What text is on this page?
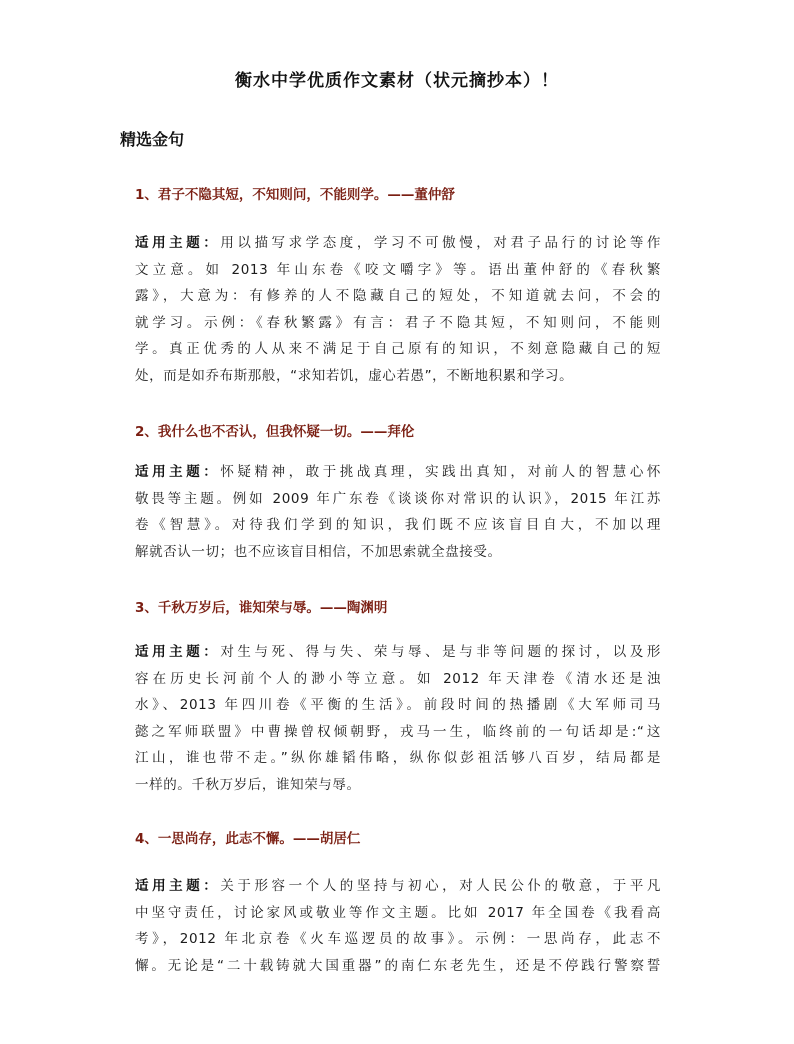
衡水中学优质作文素材（状元摘抄本）！
精选金句
1、君子不隐其短，不知则问，不能则学。——董仲舒
适用主题：用以描写求学态度，学习不可傲慢，对君子品行的讨论等作
文立意。如 2013 年山东卷《咬文嚼字》等。语出董仲舒的《春秋繁
露》，大意为：有修养的人不隐藏自己的短处，不知道就去问，不会的
就学习。示例：《春秋繁露》有言：君子不隐其短，不知则问，不能则
学。真正优秀的人从来不满足于自己原有的知识，不刻意隐藏自己的短
处，而是如乔布斯那般，“求知若饥，虚心若愚”，不断地积累和学习。
2、我什么也不否认，但我怀疑一切。——拜伦
适用主题：怀疑精神，敢于挑战真理，实践出真知，对前人的智慧心怀
敬畏等主题。例如 2009 年广东卷《谈谈你对常识的认识》，2015 年江苏
卷《智慧》。对待我们学到的知识，我们既不应该盲目自大，不加以理
解就否认一切；也不应该盲目相信，不加思索就全盘接受。
3、千秋万岁后，谁知荣与辱。——陶渊明
适用主题：对生与死、得与失、荣与辱、是与非等问题的探讨，以及形
容在历史长河前个人的渺小等立意。如 2012 年天津卷《清水还是浊
水》、2013 年四川卷《平衡的生活》。前段时间的热播剧《大军师司马
懿之军师联盟》中曹操曾权倾朝野，戎马一生，临终前的一句话却是:“这
江山，谁也带不走。”纵你雄韬伟略，纵你似彭祖活够八百岁，结局都是
一样的。千秋万岁后，谁知荣与辱。
4、一思尚存，此志不懈。——胡居仁
适用主题：关于形容一个人的坚持与初心，对人民公仆的敬意，于平凡
中坚守责任，讨论家风或敬业等作文主题。比如 2017 年全国卷《我看高
考》，2012 年北京卷《火车巡逻员的故事》。示例：一思尚存，此志不
懈。无论是“二十载铸就大国重器”的南仁东老先生，还是不停践行警察誓
